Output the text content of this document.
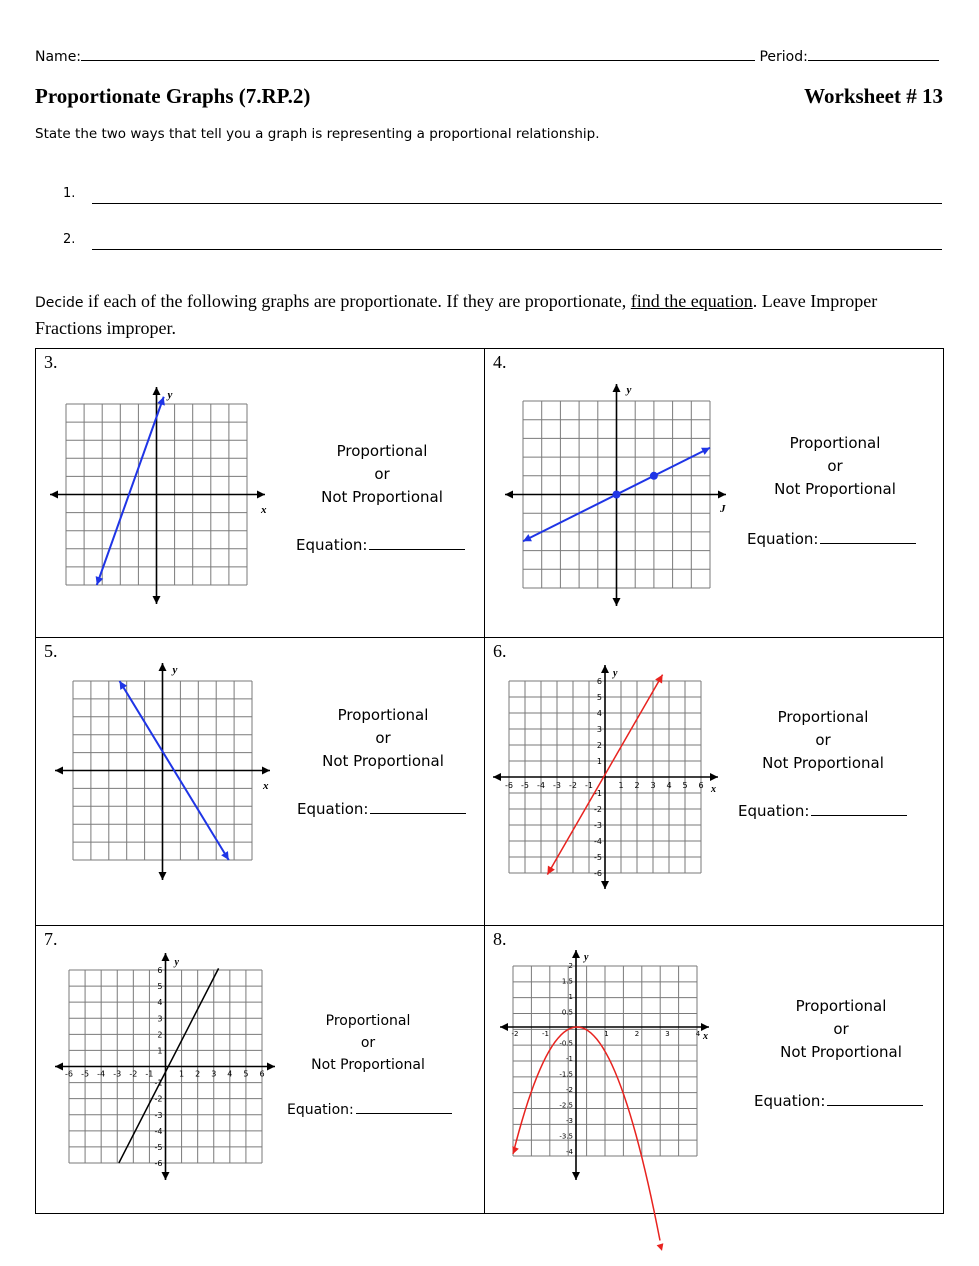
Name:	Period:
Proportionate Graphs (7.RP.2)	Worksheet # 13
State the two ways that tell you a graph is representing a proportional relationship.
1.
2.
Decide if each of the following graphs are proportionate. If they are proportionate, find the equation. Leave Improper Fractions improper.
3.	4.
5.	6.
7.	8.
Proportional
or
Not Proportional
Equation:
Proportional
or
Not Proportional
Equation:
Proportional
or
Not Proportional
Equation:
Proportional
or
Not Proportional
Equation:
Proportional
or
Not Proportional
Equation:
Proportional
or
Not Proportional
Equation:
y
x
y
J
y
x
y
x
-6 -5 -4 -3 -2 -1	1 2 3 4 5 6
6
5
4
3
2
1
-1
-2
-3
-4
-5
-6
y
-6 -5 -4 -3 -2 -1	1 2 3 4 5 6
6
5
4
3
2
1
-1
-2
-3
-4
-5
-6
y
x
-2	-1	1	2	3	4
2
1.5
1
0.5
-0.5
-1
-1.5
-2
-2.5
-3
-3.5
-4
